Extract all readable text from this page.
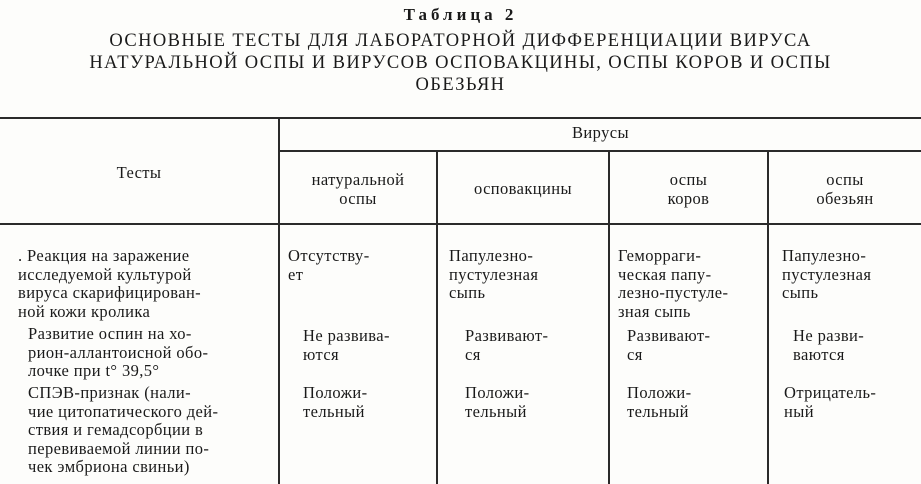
Таблица 2
ОСНОВНЫЕ ТЕСТЫ ДЛЯ ЛАБОРАТОРНОЙ ДИФФЕРЕНЦИАЦИИ ВИРУСА
НАТУРАЛЬНОЙ ОСПЫ И ВИРУСОВ ОСПОВАКЦИНЫ, ОСПЫ КОРОВ И ОСПЫ
ОБЕЗЬЯН
Тесты
Вирусы
натуральной
оспы	осповакцины	оспы
коров
оспы
обезьян
. Реакция на заражение
исследуемой культурой
вируса скарифицирован-
ной кожи кролика
Отсутству-
ет
Папулезно-
пустулезная
сыпь
Геморраги-
ческая папу-
лезно-пустуле-
зная сыпь
Папулезно-
пустулезная
сыпь
Развитие оспин на хо-
рион-аллантоисной обо-
лочке при t° 39,5°
Не развива-
ются
Развивают-
ся
Развивают-
ся
Не разви-
ваются
СПЭВ-признак (нали-
чие цитопатического дей-
ствия и гемадсорбции в
перевиваемой линии по-
чек эмбриона свиньи)
Положи-
тельный
Положи-
тельный
Положи-
тельный
Отрицатель-
ный
